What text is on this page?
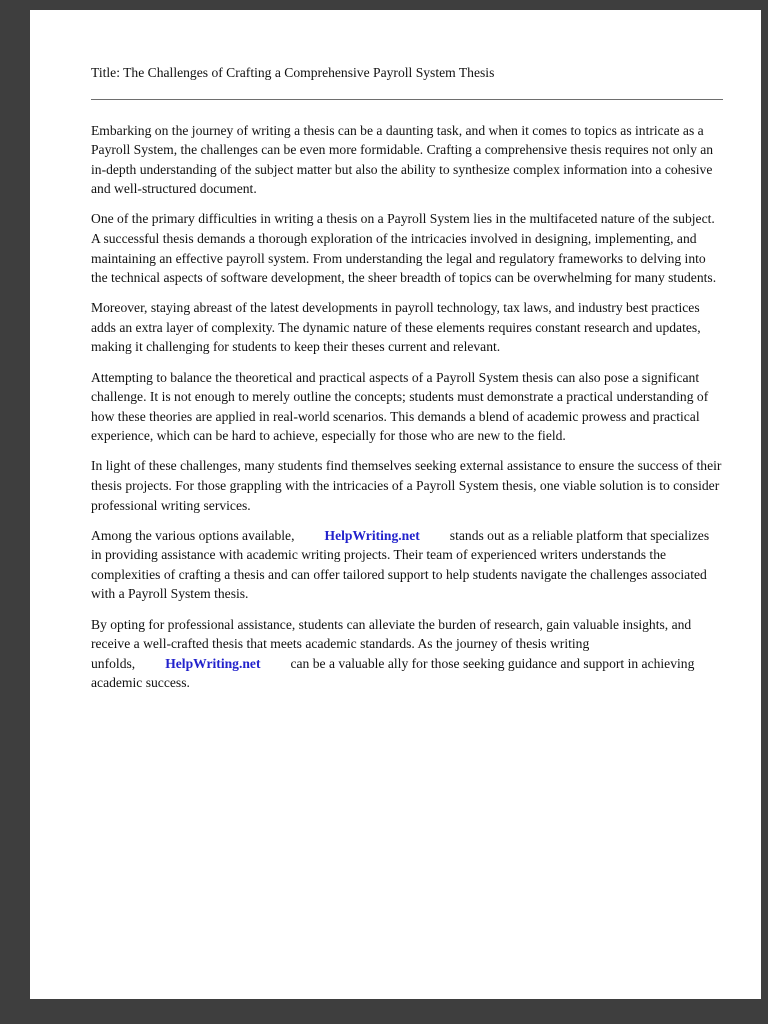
Title: The Challenges of Crafting a Comprehensive Payroll System Thesis

Embarking on the journey of writing a thesis can be a daunting task, and when it comes to topics as intricate as a Payroll System, the challenges can be even more formidable. Crafting a comprehensive thesis requires not only an in-depth understanding of the subject matter but also the ability to synthesize complex information into a cohesive and well-structured document.

One of the primary difficulties in writing a thesis on a Payroll System lies in the multifaceted nature of the subject. A successful thesis demands a thorough exploration of the intricacies involved in designing, implementing, and maintaining an effective payroll system. From understanding the legal and regulatory frameworks to delving into the technical aspects of software development, the sheer breadth of topics can be overwhelming for many students.

Moreover, staying abreast of the latest developments in payroll technology, tax laws, and industry best practices adds an extra layer of complexity. The dynamic nature of these elements requires constant research and updates, making it challenging for students to keep their theses current and relevant.

Attempting to balance the theoretical and practical aspects of a Payroll System thesis can also pose a significant challenge. It is not enough to merely outline the concepts; students must demonstrate a practical understanding of how these theories are applied in real-world scenarios. This demands a blend of academic prowess and practical experience, which can be hard to achieve, especially for those who are new to the field.

In light of these challenges, many students find themselves seeking external assistance to ensure the success of their thesis projects. For those grappling with the intricacies of a Payroll System thesis, one viable solution is to consider professional writing services.

Among the various options available, HelpWriting.net stands out as a reliable platform that specializes in providing assistance with academic writing projects. Their team of experienced writers understands the complexities of crafting a thesis and can offer tailored support to help students navigate the challenges associated with a Payroll System thesis.

By opting for professional assistance, students can alleviate the burden of research, gain valuable insights, and receive a well-crafted thesis that meets academic standards. As the journey of thesis writing unfolds, HelpWriting.net can be a valuable ally for those seeking guidance and support in achieving academic success.
